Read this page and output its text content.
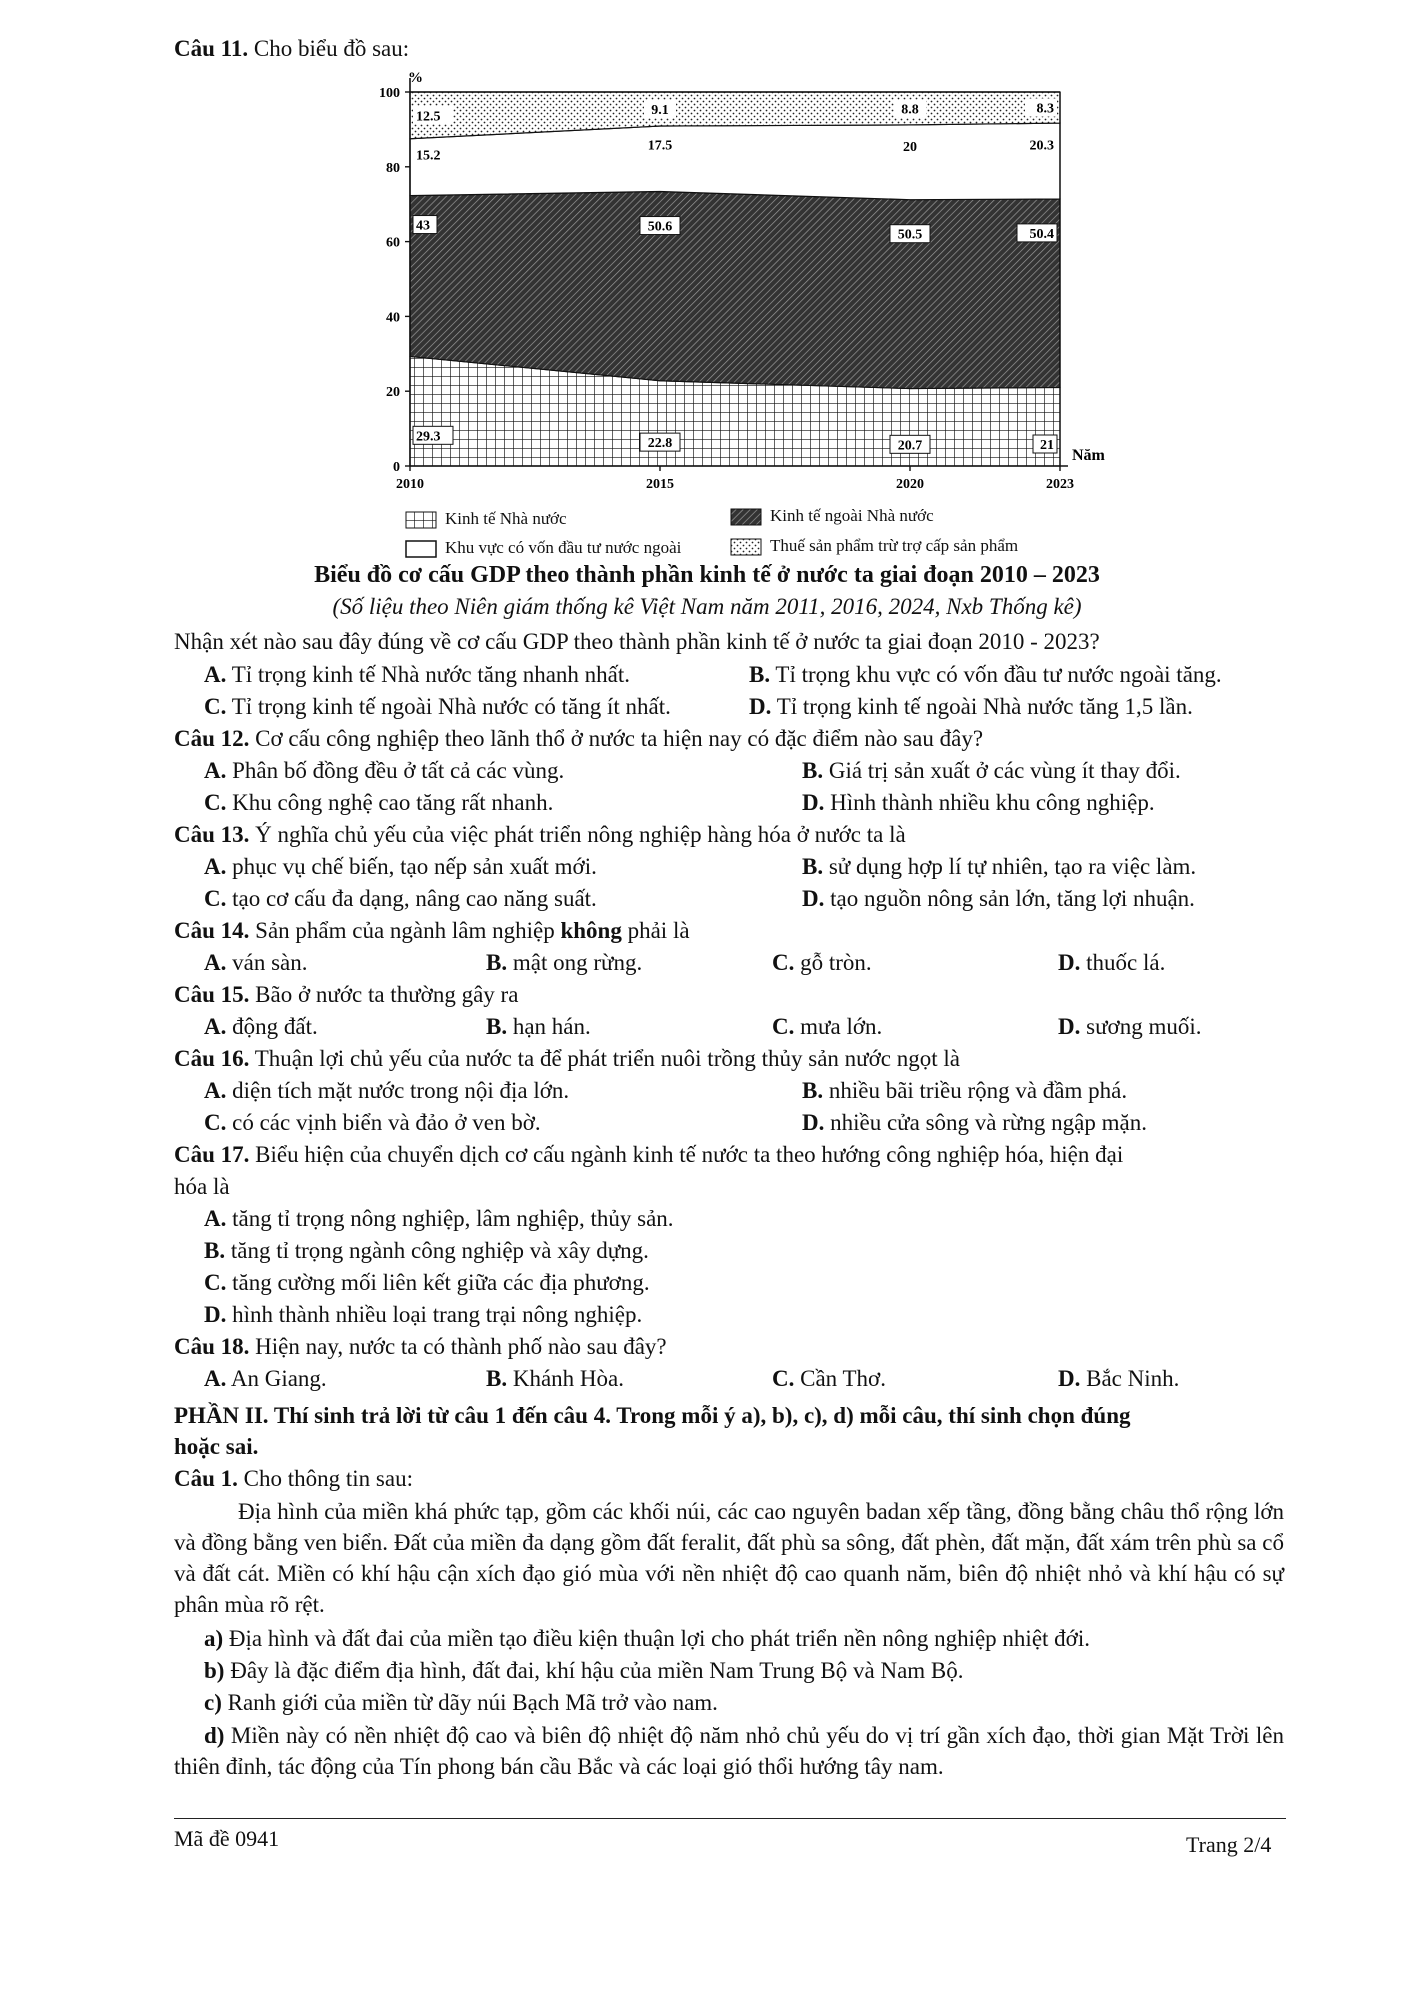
Câu 11. Cho biểu đồ sau:
0
20
40
60
80
100
%
2010	2015	2020	2023
Năm
29.3	22.8	20.7	21
43	50.6
50.5	50.4
15.2
17.5	20	20.3
12.5	9.1	8.8	8.3
Kinh tế Nhà nước	Kinh tế ngoài Nhà nước
Khu vực có vốn đầu tư nước ngoài	Thuế sản phẩm trừ trợ cấp sản phẩm
Biểu đồ cơ cấu GDP theo thành phần kinh tế ở nước ta giai đoạn 2010 – 2023
(Số liệu theo Niên giám thống kê Việt Nam năm 2011, 2016, 2024, Nxb Thống kê)
Nhận xét nào sau đây đúng về cơ cấu GDP theo thành phần kinh tế ở nước ta giai đoạn 2010 - 2023?
A. Tỉ trọng kinh tế Nhà nước tăng nhanh nhất.	B. Tỉ trọng khu vực có vốn đầu tư nước ngoài tăng.
C. Tỉ trọng kinh tế ngoài Nhà nước có tăng ít nhất.	D. Tỉ trọng kinh tế ngoài Nhà nước tăng 1,5 lần.
Câu 12. Cơ cấu công nghiệp theo lãnh thổ ở nước ta hiện nay có đặc điểm nào sau đây?
A. Phân bố đồng đều ở tất cả các vùng.	B. Giá trị sản xuất ở các vùng ít thay đổi.
C. Khu công nghệ cao tăng rất nhanh.	D. Hình thành nhiều khu công nghiệp.
Câu 13. Ý nghĩa chủ yếu của việc phát triển nông nghiệp hàng hóa ở nước ta là
A. phục vụ chế biến, tạo nếp sản xuất mới.	B. sử dụng hợp lí tự nhiên, tạo ra việc làm.
C. tạo cơ cấu đa dạng, nâng cao năng suất.	D. tạo nguồn nông sản lớn, tăng lợi nhuận.
Câu 14. Sản phẩm của ngành lâm nghiệp không phải là
A. ván sàn.	B. mật ong rừng.	C. gỗ tròn.	D. thuốc lá.
Câu 15. Bão ở nước ta thường gây ra
A. động đất.	B. hạn hán.	C. mưa lớn.	D. sương muối.
Câu 16. Thuận lợi chủ yếu của nước ta để phát triển nuôi trồng thủy sản nước ngọt là
A. diện tích mặt nước trong nội địa lớn.	B. nhiều bãi triều rộng và đầm phá.
C. có các vịnh biển và đảo ở ven bờ.	D. nhiều cửa sông và rừng ngập mặn.
Câu 17. Biểu hiện của chuyển dịch cơ cấu ngành kinh tế nước ta theo hướng công nghiệp hóa, hiện đại
hóa là
A. tăng tỉ trọng nông nghiệp, lâm nghiệp, thủy sản.
B. tăng tỉ trọng ngành công nghiệp và xây dựng.
C. tăng cường mối liên kết giữa các địa phương.
D. hình thành nhiều loại trang trại nông nghiệp.
Câu 18. Hiện nay, nước ta có thành phố nào sau đây?
A. An Giang.	B. Khánh Hòa.	C. Cần Thơ.	D. Bắc Ninh.
PHẦN II. Thí sinh trả lời từ câu 1 đến câu 4. Trong mỗi ý a), b), c), d) mỗi câu, thí sinh chọn đúng
hoặc sai.
Câu 1. Cho thông tin sau:
Địa hình của miền khá phức tạp, gồm các khối núi, các cao nguyên badan xếp tầng, đồng bằng châu thổ rộng lớn và đồng bằng ven biển. Đất của miền đa dạng gồm đất feralit, đất phù sa sông, đất phèn, đất mặn, đất xám trên phù sa cổ và đất cát. Miền có khí hậu cận xích đạo gió mùa với nền nhiệt độ cao quanh năm, biên độ nhiệt nhỏ và khí hậu có sự phân mùa rõ rệt.
a) Địa hình và đất đai của miền tạo điều kiện thuận lợi cho phát triển nền nông nghiệp nhiệt đới.
b) Đây là đặc điểm địa hình, đất đai, khí hậu của miền Nam Trung Bộ và Nam Bộ.
c) Ranh giới của miền từ dãy núi Bạch Mã trở vào nam.
d) Miền này có nền nhiệt độ cao và biên độ nhiệt độ năm nhỏ chủ yếu do vị trí gần xích đạo, thời gian Mặt Trời lên thiên đỉnh, tác động của Tín phong bán cầu Bắc và các loại gió thổi hướng tây nam.
Mã đề 0941	Trang 2/4
